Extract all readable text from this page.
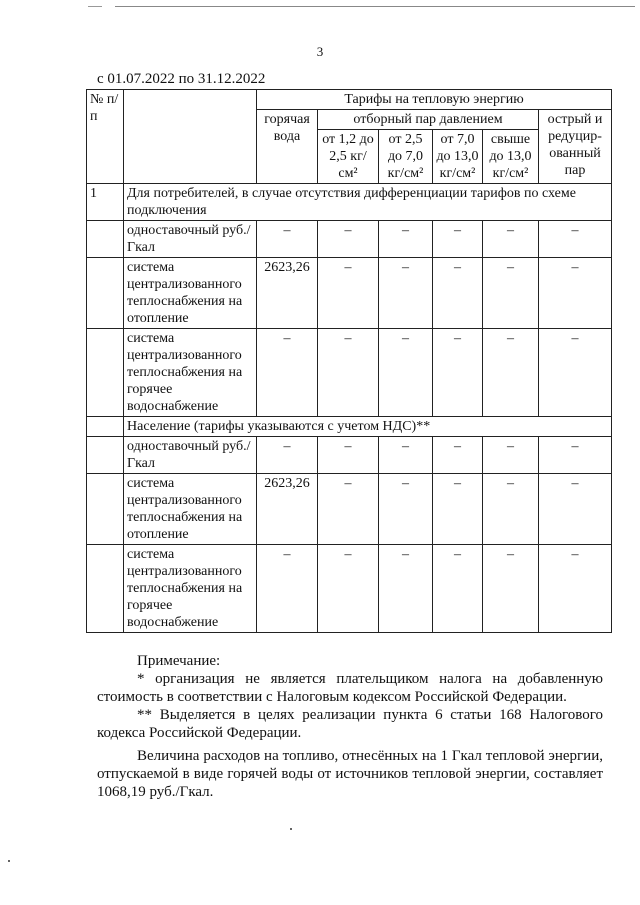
3
с 01.07.2022 по 31.12.2022
№ п/п		Тарифы на тепловую энергию					
		горячая вода	отборный пар давлением				острый и редуцир-ованный пар
			от 1,2 до 2,5 кг/см²	от 2,5 до 7,0 кг/см²	от 7,0 до 13,0 кг/см²	свыше до 13,0 кг/см²	
1	Для потребителей, в случае отсутствия дифференциации тарифов по схеме подключения						
	одноставочный руб./Гкал	–	–	–	–	–	–
	система централизованного теплоснабжения на отопление	2623,26	–	–	–	–	–
	система централизованного теплоснабжения на горячее водоснабжение	–	–	–	–	–	–
	Население (тарифы указываются с учетом НДС)**						
	одноставочный руб./Гкал	–	–	–	–	–	–
	система централизованного теплоснабжения на отопление	2623,26	–	–	–	–	–
	система централизованного теплоснабжения на горячее водоснабжение	–	–	–	–	–	–

Примечание:

* организация не является плательщиком налога на добавленную стоимость в соответствии с Налоговым кодексом Российской Федерации.

** Выделяется в целях реализации пункта 6 статьи 168 Налогового кодекса Российской Федерации.

Величина расходов на топливо, отнесённых на 1 Гкал тепловой энергии, отпускаемой в виде горячей воды от источников тепловой энергии, составляет 1068,19 руб./Гкал.
